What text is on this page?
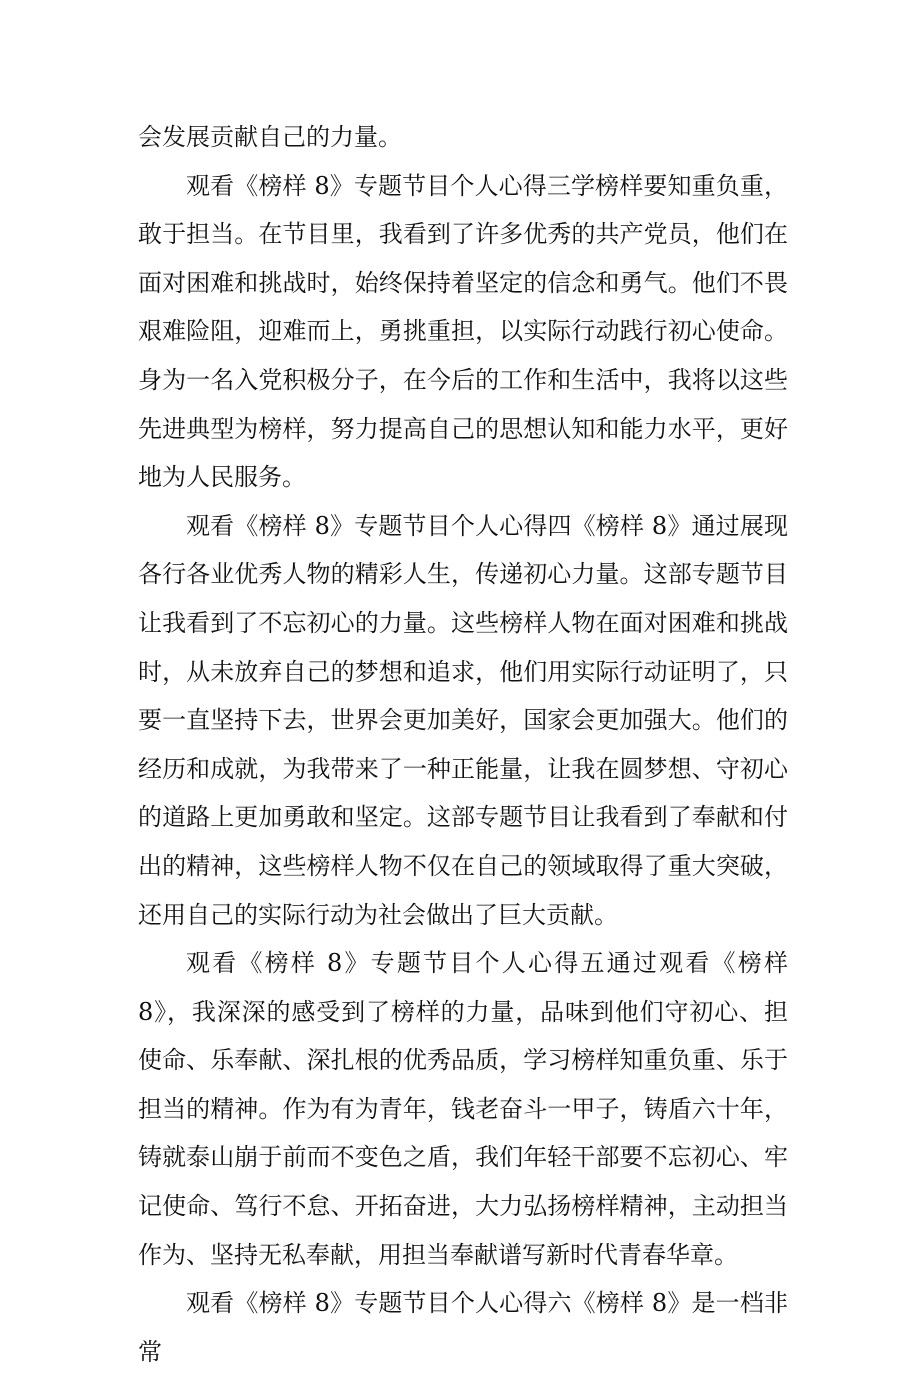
会发展贡献自己的力量。

观看《榜样 8》专题节目个人心得三学榜样要知重负重，敢于担当。在节目里，我看到了许多优秀的共产党员，他们在面对困难和挑战时，始终保持着坚定的信念和勇气。他们不畏艰难险阻，迎难而上，勇挑重担，以实际行动践行初心使命。身为一名入党积极分子，在今后的工作和生活中，我将以这些先进典型为榜样，努力提高自己的思想认知和能力水平，更好地为人民服务。

观看《榜样 8》专题节目个人心得四《榜样 8》通过展现各行各业优秀人物的精彩人生，传递初心力量。这部专题节目让我看到了不忘初心的力量。这些榜样人物在面对困难和挑战时，从未放弃自己的梦想和追求，他们用实际行动证明了，只要一直坚持下去，世界会更加美好，国家会更加强大。他们的经历和成就，为我带来了一种正能量，让我在圆梦想、守初心的道路上更加勇敢和坚定。这部专题节目让我看到了奉献和付出的精神，这些榜样人物不仅在自己的领域取得了重大突破，还用自己的实际行动为社会做出了巨大贡献。

观看《榜样 8》专题节目个人心得五通过观看《榜样 8》，我深深的感受到了榜样的力量，品味到他们守初心、担使命、乐奉献、深扎根的优秀品质，学习榜样知重负重、乐于担当的精神。作为有为青年，钱老奋斗一甲子，铸盾六十年，铸就泰山崩于前而不变色之盾，我们年轻干部要不忘初心、牢记使命、笃行不怠、开拓奋进，大力弘扬榜样精神，主动担当作为、坚持无私奉献，用担当奉献谱写新时代青春华章。

观看《榜样 8》专题节目个人心得六《榜样 8》是一档非常
